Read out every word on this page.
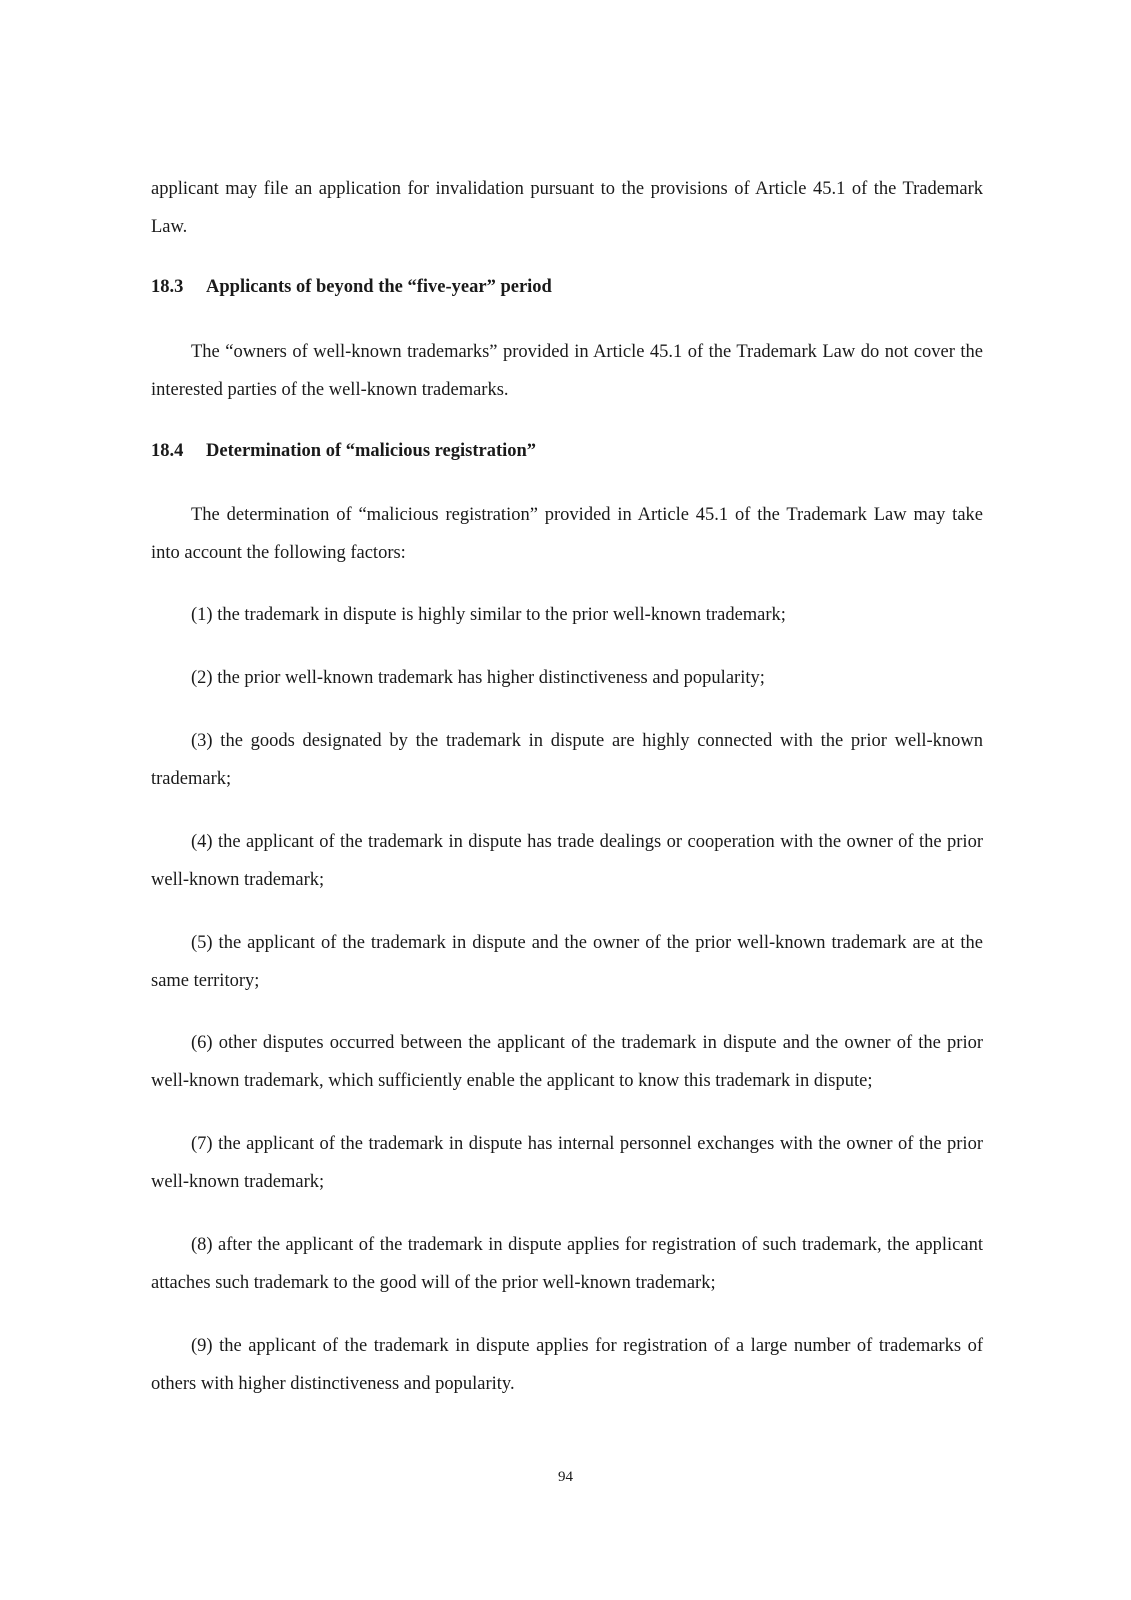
applicant may file an application for invalidation pursuant to the provisions of Article 45.1 of the Trademark Law.

18.3 Applicants of beyond the “five-year” period

The “owners of well-known trademarks” provided in Article 45.1 of the Trademark Law do not cover the interested parties of the well-known trademarks.

18.4 Determination of “malicious registration”

The determination of “malicious registration” provided in Article 45.1 of the Trademark Law may take into account the following factors:

(1) the trademark in dispute is highly similar to the prior well-known trademark;

(2) the prior well-known trademark has higher distinctiveness and popularity;

(3) the goods designated by the trademark in dispute are highly connected with the prior well-known trademark;

(4) the applicant of the trademark in dispute has trade dealings or cooperation with the owner of the prior well-known trademark;

(5) the applicant of the trademark in dispute and the owner of the prior well-known trademark are at the same territory;

(6) other disputes occurred between the applicant of the trademark in dispute and the owner of the prior well-known trademark, which sufficiently enable the applicant to know this trademark in dispute;

(7) the applicant of the trademark in dispute has internal personnel exchanges with the owner of the prior well-known trademark;

(8) after the applicant of the trademark in dispute applies for registration of such trademark, the applicant attaches such trademark to the good will of the prior well-known trademark;

(9) the applicant of the trademark in dispute applies for registration of a large number of trademarks of others with higher distinctiveness and popularity.

94
